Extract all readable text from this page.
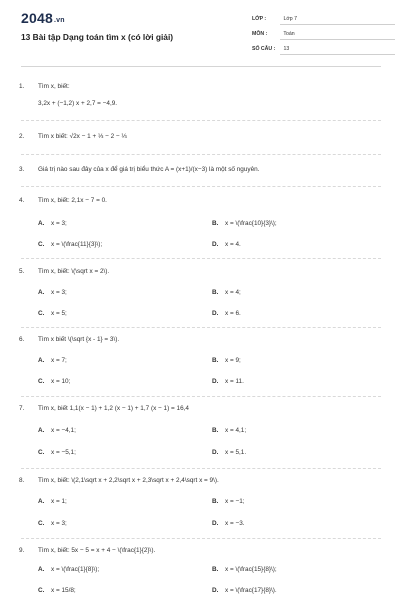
2048.vn
13 Bài tập Dạng toán tìm x (có lời giải)
LỚP :	Lớp 7
MÔN :	Toán
SỐ CÂU : 13
1.	Tìm x, biết:
3,2x + (−1,2) x + 2,7 = −4,9.
2.	Tìm x biết: √2x − 1 + ⅓ − 2 − ⅓
3.	Giá trị nào sau đây của x để giá trị biểu thức A = (x+1)/(x−3) là một số nguyên.
4.	Tìm x, biết: 2,1x − 7 = 0.
A. x = 3;	B. x = \(\frac{10}{3}\);
C. x = \(\frac{11}{3}\);	D. x = 4.
5.	Tìm x, biết: \(\sqrt x = 2\).
A. x = 3;	B. x = 4;
C. x = 5;	D. x = 6.
6.	Tìm x biết \(\sqrt {x - 1} = 3\).
A. x = 7;	B. x = 9;
C. x = 10;	D. x = 11.
7.	Tìm x, biết 1,1(x − 1) + 1,2 (x − 1) + 1,7 (x − 1) = 16,4
A. x = −4,1;	B. x = 4,1;
C. x = −5,1;	D. x = 5,1.
8.	Tìm x, biết: \(2,1\sqrt x + 2,2\sqrt x + 2,3\sqrt x + 2,4\sqrt x = 9\).
A. x = 1;	B. x = −1;
C. x = 3;	D. x = −3.
9.	Tìm x, biết: 5x − 5 = x + 4 − \(\frac{1}{2}\).
A. x = \(\frac{1}{8}\);	B. x = \(\frac{15}{8}\);
C. x = 15/8;	D. x = \(\frac{17}{8}\).
